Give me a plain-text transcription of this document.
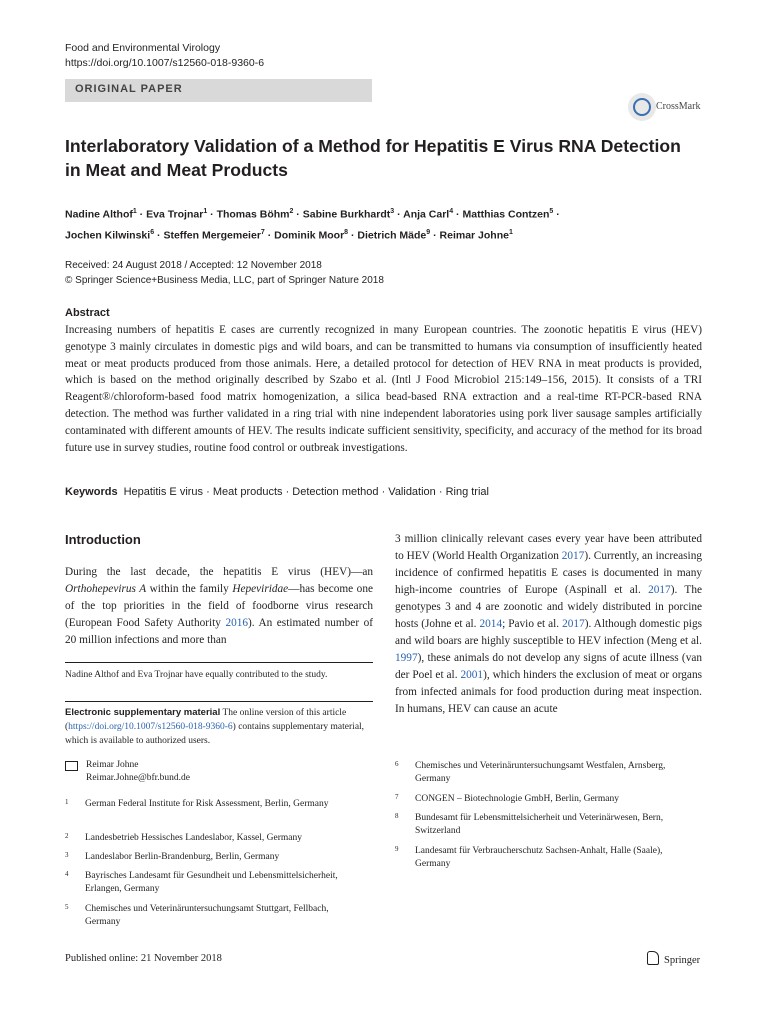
Food and Environmental Virology
https://doi.org/10.1007/s12560-018-9360-6
ORIGINAL PAPER
CrossMark
Interlaboratory Validation of a Method for Hepatitis E Virus RNA Detection in Meat and Meat Products
Nadine Althof$^1$ · Eva Trojnar$^1$ · Thomas Böhm$^2$ · Sabine Burkhardt$^3$ · Anja Carl$^4$ · Matthias Contzen$^5$ ·
Jochen Kilwinski$^6$ · Steffen Mergemeier$^7$ · Dominik Moor$^8$ · Dietrich Mäde$^9$ · Reimar Johne$^1$
Received: 24 August 2018 / Accepted: 12 November 2018
© Springer Science+Business Media, LLC, part of Springer Nature 2018
Abstract
Increasing numbers of hepatitis E cases are currently recognized in many European countries. The zoonotic hepatitis E virus (HEV) genotype 3 mainly circulates in domestic pigs and wild boars, and can be transmitted to humans via consumption of insufficiently heated meat or meat products produced from those animals. Here, a detailed protocol for detection of HEV RNA in meat products is provided, which is based on the method originally described by Szabo et al. (Intl J Food Microbiol 215:149–156, 2015). It consists of a TRI Reagent®/chloroform-based food matrix homogenization, a silica bead-based RNA extraction and a real-time RT-PCR-based RNA detection. The method was further validated in a ring trial with nine independent laboratories using pork liver sausage samples artificially contaminated with different amounts of HEV. The results indicate sufficient sensitivity, specificity, and accuracy of the method for its broad future use in survey studies, routine food control or outbreak investigations.
Keywords Hepatitis E virus · Meat products · Detection method · Validation · Ring trial
Introduction
During the last decade, the hepatitis E virus (HEV)—an Orthohepevirus A within the family Hepeviridae—has become one of the top priorities in the field of foodborne virus research (European Food Safety Authority 2016). An estimated number of 20 million infections and more than
3 million clinically relevant cases every year have been attributed to HEV (World Health Organization 2017). Currently, an increasing incidence of confirmed hepatitis E cases is documented in many high-income countries of Europe (Aspinall et al. 2017). The genotypes 3 and 4 are zoonotic and widely distributed in porcine hosts (Johne et al. 2014; Pavio et al. 2017). Although domestic pigs and wild boars are highly susceptible to HEV infection (Meng et al. 1997), these animals do not develop any signs of acute illness (van der Poel et al. 2001), which hinders the exclusion of meat or organs from infected animals for food production during meat inspection. In humans, HEV can cause an acute
Nadine Althof and Eva Trojnar have equally contributed to the study.
Electronic supplementary material The online version of this article (https://doi.org/10.1007/s12560-018-9360-6) contains supplementary material, which is available to authorized users.
Reimar Johne
Reimar.Johne@bfr.bund.de
1 German Federal Institute for Risk Assessment, Berlin, Germany
2 Landesbetrieb Hessisches Landeslabor, Kassel, Germany
3 Landeslabor Berlin-Brandenburg, Berlin, Germany
4 Bayrisches Landesamt für Gesundheit und Lebensmittelsicherheit, Erlangen, Germany
5 Chemisches und Veterinäruntersuchungsamt Stuttgart, Fellbach, Germany
6 Chemisches und Veterinäruntersuchungsamt Westfalen, Arnsberg, Germany
7 CONGEN – Biotechnologie GmbH, Berlin, Germany
8 Bundesamt für Lebensmittelsicherheit und Veterinärwesen, Bern, Switzerland
9 Landesamt für Verbraucherschutz Sachsen-Anhalt, Halle (Saale), Germany
Published online: 21 November 2018	Springer
